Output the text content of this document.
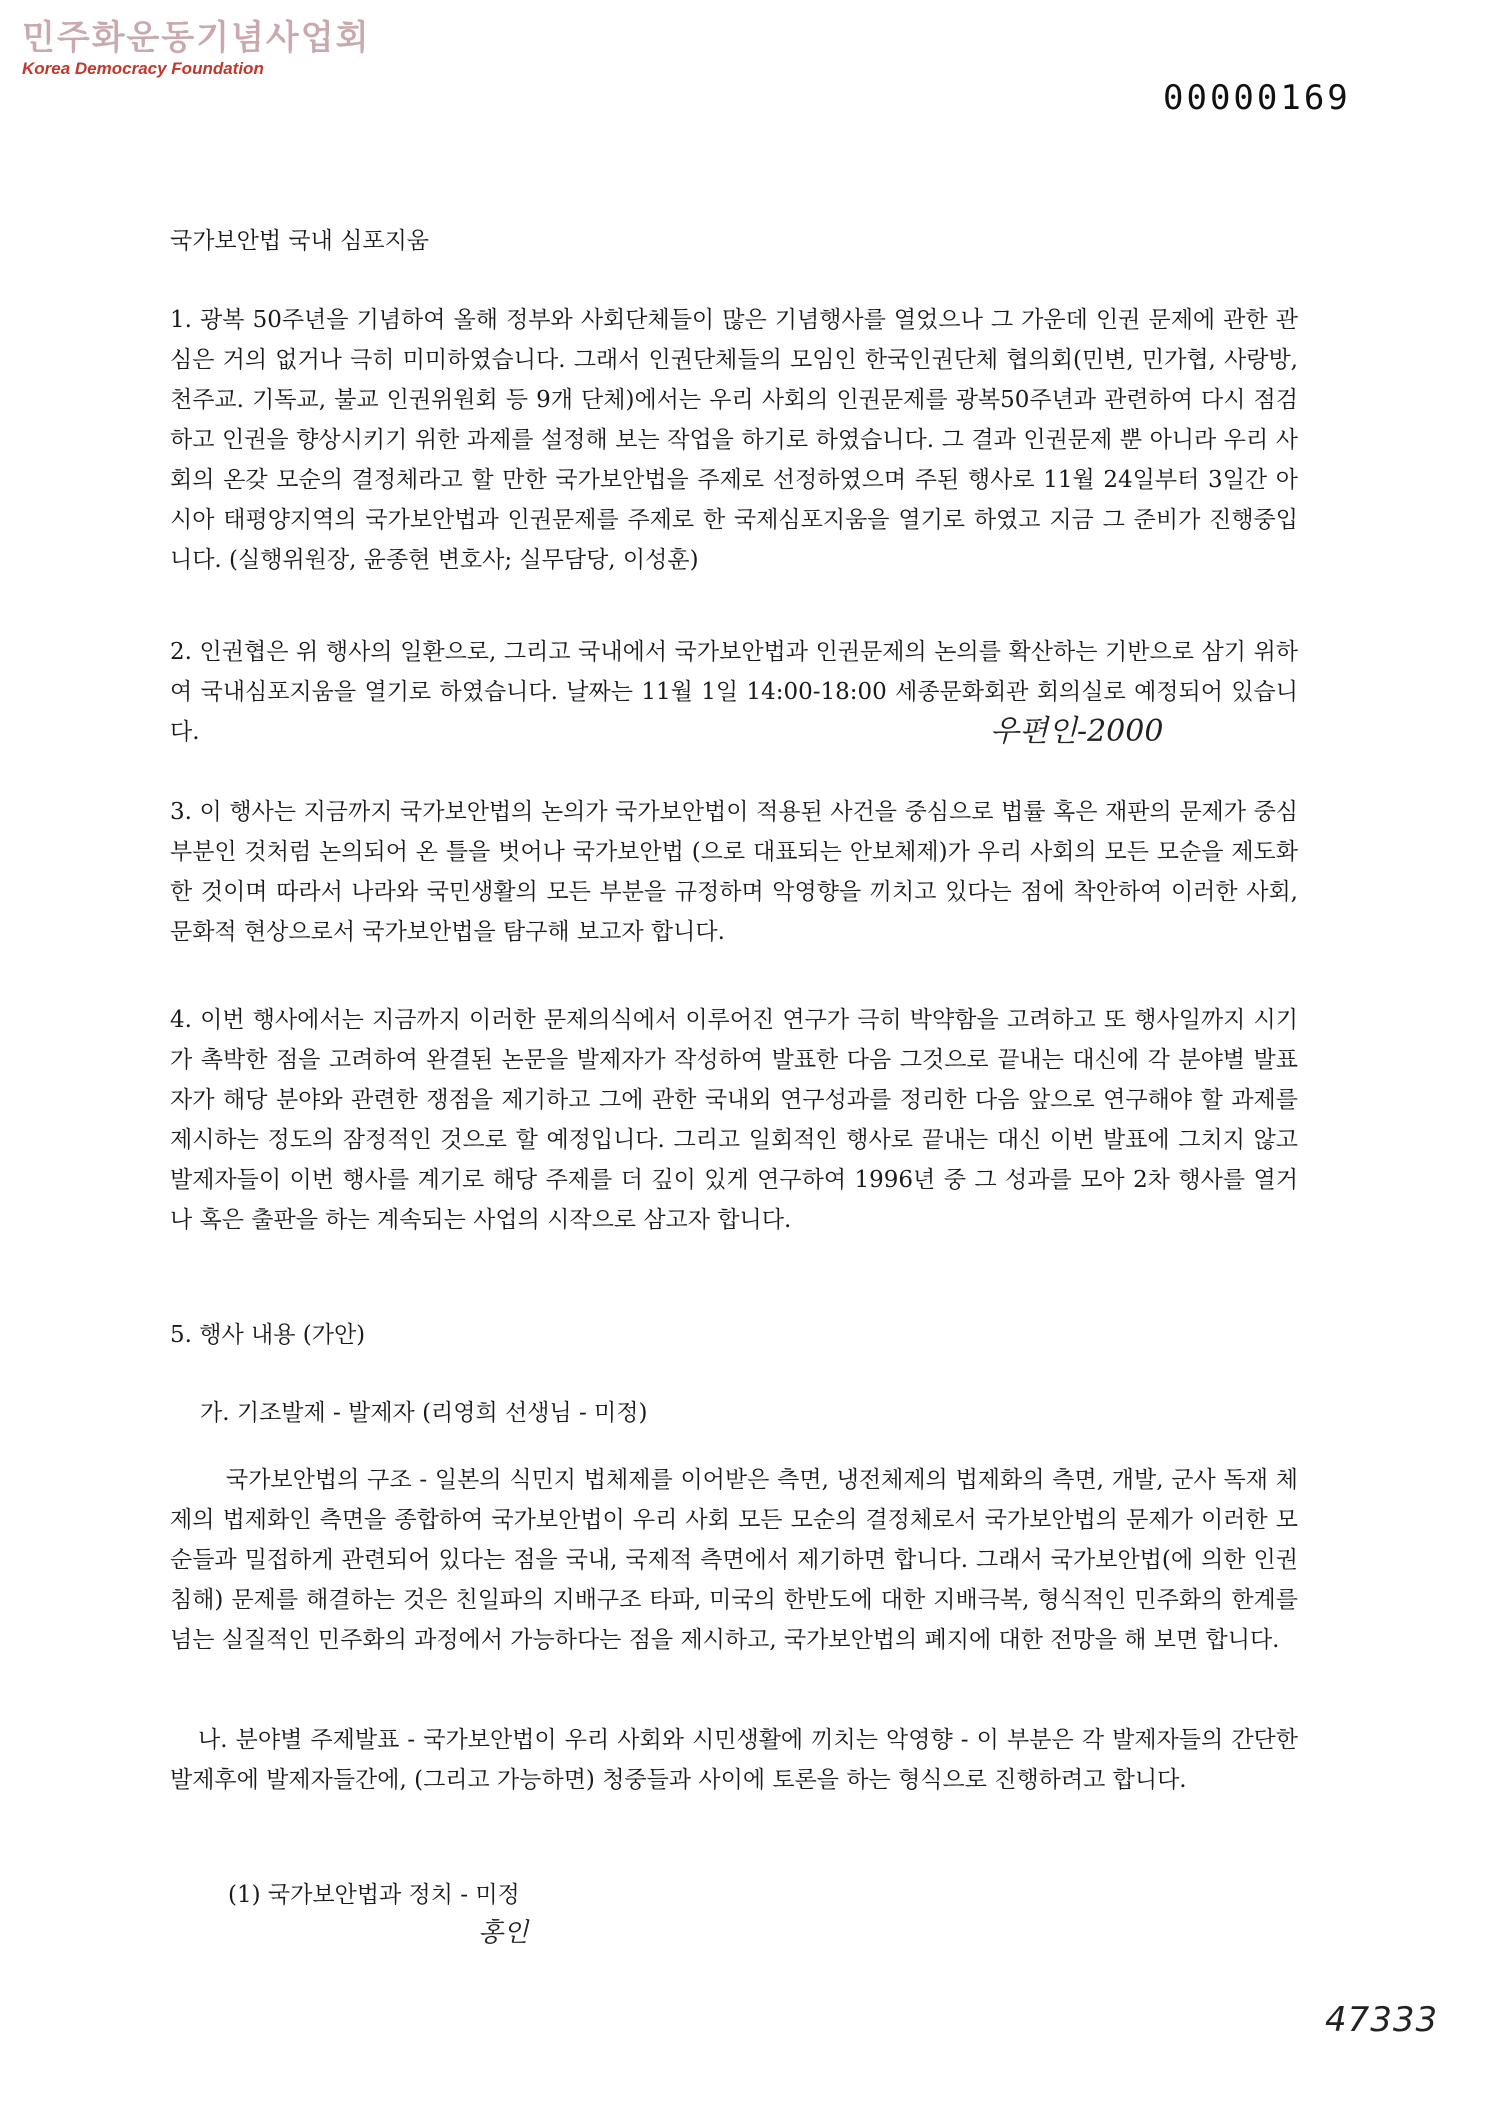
민주화운동기념사업회
Korea Democracy Foundation
00000169
국가보안법 국내 심포지움
1. 광복 50주년을 기념하여 올해 정부와 사회단체들이 많은 기념행사를 열었으나 그 가운데 인권 문제에 관한 관심은 거의 없거나 극히 미미하였습니다. 그래서 인권단체들의 모임인 한국인권단체 협의회(민변, 민가협, 사랑방, 천주교. 기독교, 불교 인권위원회 등 9개 단체)에서는 우리 사회의 인권문제를 광복50주년과 관련하여 다시 점검하고 인권을 향상시키기 위한 과제를 설정해 보는 작업을 하기로 하였습니다. 그 결과 인권문제 뿐 아니라 우리 사회의 온갖 모순의 결정체라고 할 만한 국가보안법을 주제로 선정하였으며 주된 행사로 11월 24일부터 3일간 아시아 태평양지역의 국가보안법과 인권문제를 주제로 한 국제심포지움을 열기로 하였고 지금 그 준비가 진행중입니다. (실행위원장, 윤종현 변호사; 실무담당, 이성훈)
2. 인권협은 위 행사의 일환으로, 그리고 국내에서 국가보안법과 인권문제의 논의를 확산하는 기반으로 삼기 위하여 국내심포지움을 열기로 하였습니다. 날짜는 11월 1일 14:00-18:00 세종문화회관 회의실로 예정되어 있습니다.	우편인-2000
3. 이 행사는 지금까지 국가보안법의 논의가 국가보안법이 적용된 사건을 중심으로 법률 혹은 재판의 문제가 중심부분인 것처럼 논의되어 온 틀을 벗어나 국가보안법 (으로 대표되는 안보체제)가 우리 사회의 모든 모순을 제도화한 것이며 따라서 나라와 국민생활의 모든 부분을 규정하며 악영향을 끼치고 있다는 점에 착안하여 이러한 사회, 문화적 현상으로서 국가보안법을 탐구해 보고자 합니다.
4. 이번 행사에서는 지금까지 이러한 문제의식에서 이루어진 연구가 극히 박약함을 고려하고 또 행사일까지 시기가 촉박한 점을 고려하여 완결된 논문을 발제자가 작성하여 발표한 다음 그것으로 끝내는 대신에 각 분야별 발표자가 해당 분야와 관련한 쟁점을 제기하고 그에 관한 국내외 연구성과를 정리한 다음 앞으로 연구해야 할 과제를 제시하는 정도의 잠정적인 것으로 할 예정입니다. 그리고 일회적인 행사로 끝내는 대신 이번 발표에 그치지 않고 발제자들이 이번 행사를 계기로 해당 주제를 더 깊이 있게 연구하여 1996년 중 그 성과를 모아 2차 행사를 열거나 혹은 출판을 하는 계속되는 사업의 시작으로 삼고자 합니다.
5. 행사 내용 (가안)
가. 기조발제 - 발제자 (리영희 선생님 - 미정)
국가보안법의 구조 - 일본의 식민지 법체제를 이어받은 측면, 냉전체제의 법제화의 측면, 개발, 군사 독재 체제의 법제화인 측면을 종합하여 국가보안법이 우리 사회 모든 모순의 결정체로서 국가보안법의 문제가 이러한 모순들과 밀접하게 관련되어 있다는 점을 국내, 국제적 측면에서 제기하면 합니다. 그래서 국가보안법(에 의한 인권침해) 문제를 해결하는 것은 친일파의 지배구조 타파, 미국의 한반도에 대한 지배극복, 형식적인 민주화의 한계를 넘는 실질적인 민주화의 과정에서 가능하다는 점을 제시하고, 국가보안법의 폐지에 대한 전망을 해 보면 합니다.
나. 분야별 주제발표 - 국가보안법이 우리 사회와 시민생활에 끼치는 악영향 - 이 부분은 각 발제자들의 간단한 발제후에 발제자들간에, (그리고 가능하면) 청중들과 사이에 토론을 하는 형식으로 진행하려고 합니다.
(1) 국가보안법과 정치 - 미정
홍인
47333
